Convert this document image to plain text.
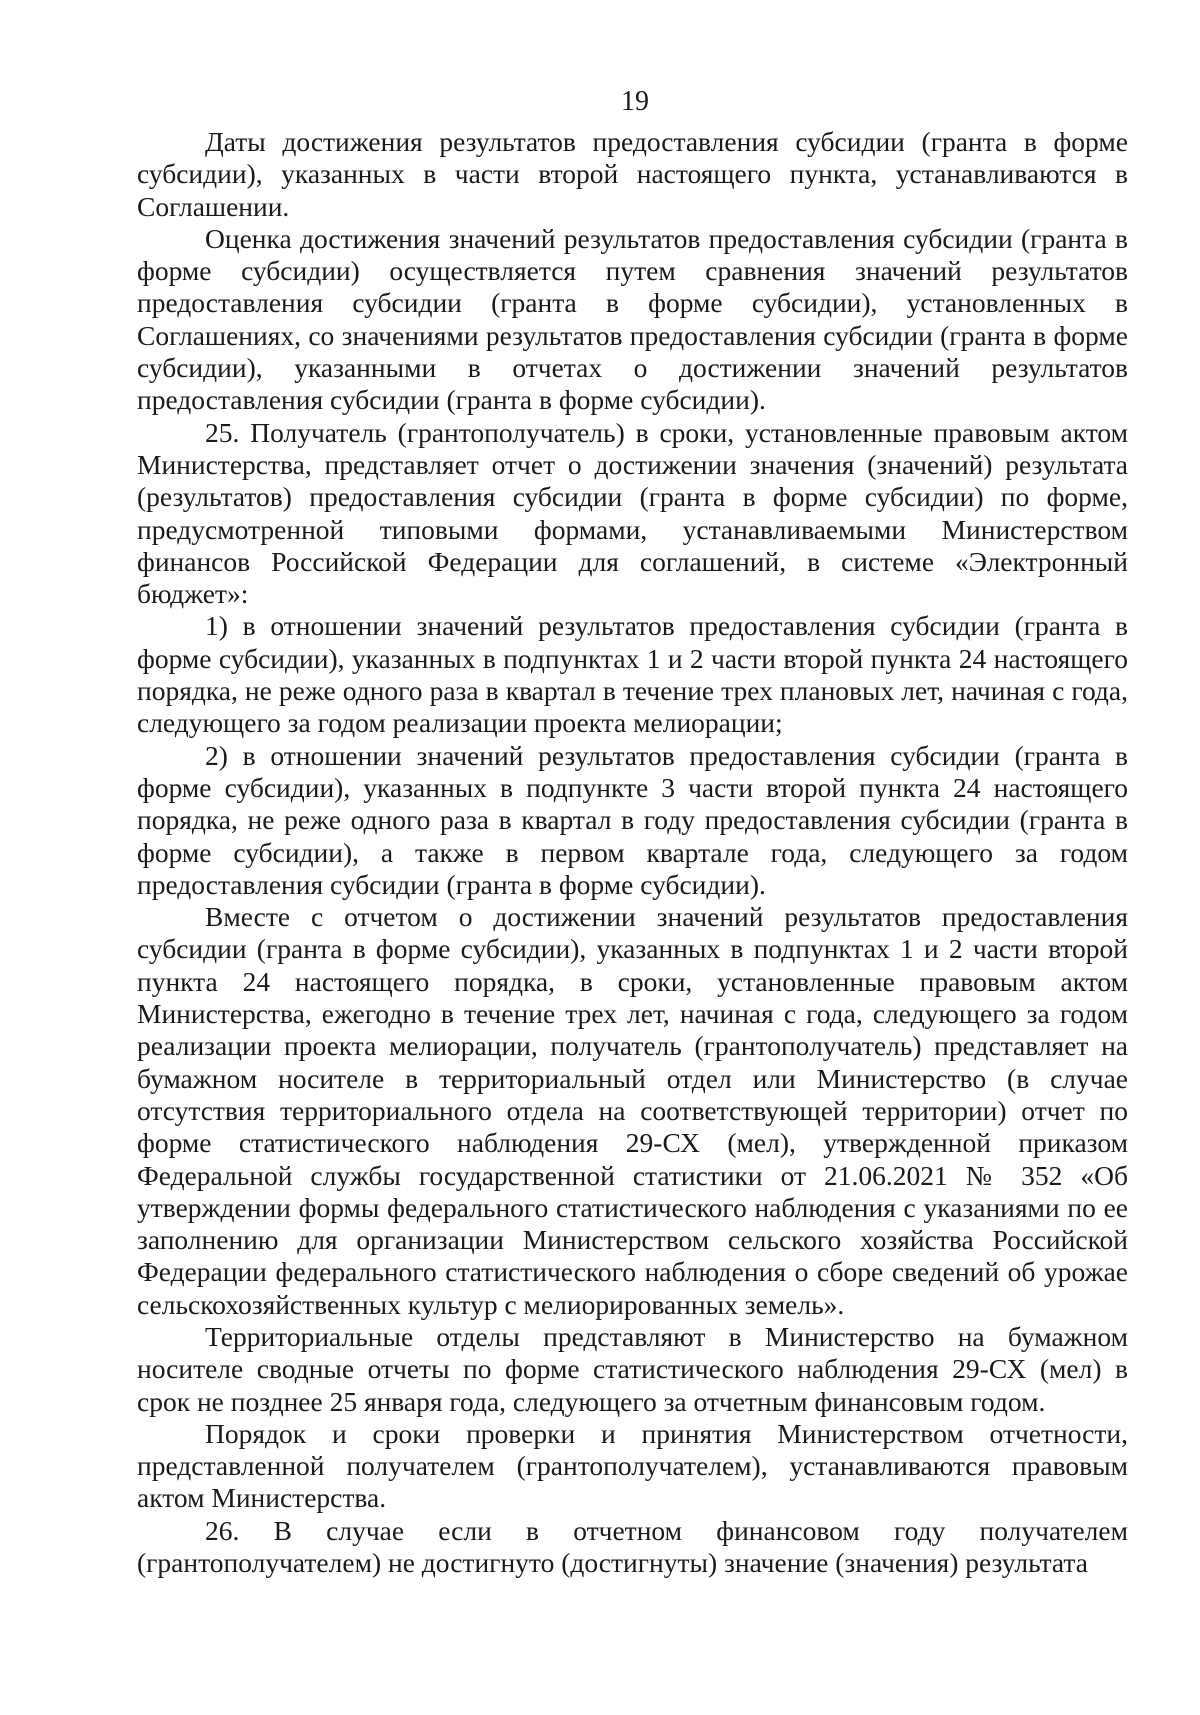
19

Даты достижения результатов предоставления субсидии (гранта в форме субсидии), указанных в части второй настоящего пункта, устанавливаются в Соглашении.

Оценка достижения значений результатов предоставления субсидии (гранта в форме субсидии) осуществляется путем сравнения значений результатов предоставления субсидии (гранта в форме субсидии), установленных в Соглашениях, со значениями результатов предоставления субсидии (гранта в форме субсидии), указанными в отчетах о достижении значений результатов предоставления субсидии (гранта в форме субсидии).

25. Получатель (грантополучатель) в сроки, установленные правовым актом Министерства, представляет отчет о достижении значения (значений) результата (результатов) предоставления субсидии (гранта в форме субсидии) по форме, предусмотренной типовыми формами, устанавливаемыми Министерством финансов Российской Федерации для соглашений, в системе «Электронный бюджет»:

1) в отношении значений результатов предоставления субсидии (гранта в форме субсидии), указанных в подпунктах 1 и 2 части второй пункта 24 настоящего порядка, не реже одного раза в квартал в течение трех плановых лет, начиная с года, следующего за годом реализации проекта мелиорации;

2) в отношении значений результатов предоставления субсидии (гранта в форме субсидии), указанных в подпункте 3 части второй пункта 24 настоящего порядка, не реже одного раза в квартал в году предоставления субсидии (гранта в форме субсидии), а также в первом квартале года, следующего за годом предоставления субсидии (гранта в форме субсидии).

Вместе с отчетом о достижении значений результатов предоставления субсидии (гранта в форме субсидии), указанных в подпунктах 1 и 2 части второй пункта 24 настоящего порядка, в сроки, установленные правовым актом Министерства, ежегодно в течение трех лет, начиная с года, следующего за годом реализации проекта мелиорации, получатель (грантополучатель) представляет на бумажном носителе в территориальный отдел или Министерство (в случае отсутствия территориального отдела на соответствующей территории) отчет по форме статистического наблюдения 29-СХ (мел), утвержденной приказом Федеральной службы государственной статистики от 21.06.2021 № 352 «Об утверждении формы федерального статистического наблюдения с указаниями по ее заполнению для организации Министерством сельского хозяйства Российской Федерации федерального статистического наблюдения о сборе сведений об урожае сельскохозяйственных культур с мелиорированных земель».

Территориальные отделы представляют в Министерство на бумажном носителе сводные отчеты по форме статистического наблюдения 29-СХ (мел) в срок не позднее 25 января года, следующего за отчетным финансовым годом.

Порядок и сроки проверки и принятия Министерством отчетности, представленной получателем (грантополучателем), устанавливаются правовым актом Министерства.

26. В случае если в отчетном финансовом году получателем (грантополучателем) не достигнуто (достигнуты) значение (значения) результата
